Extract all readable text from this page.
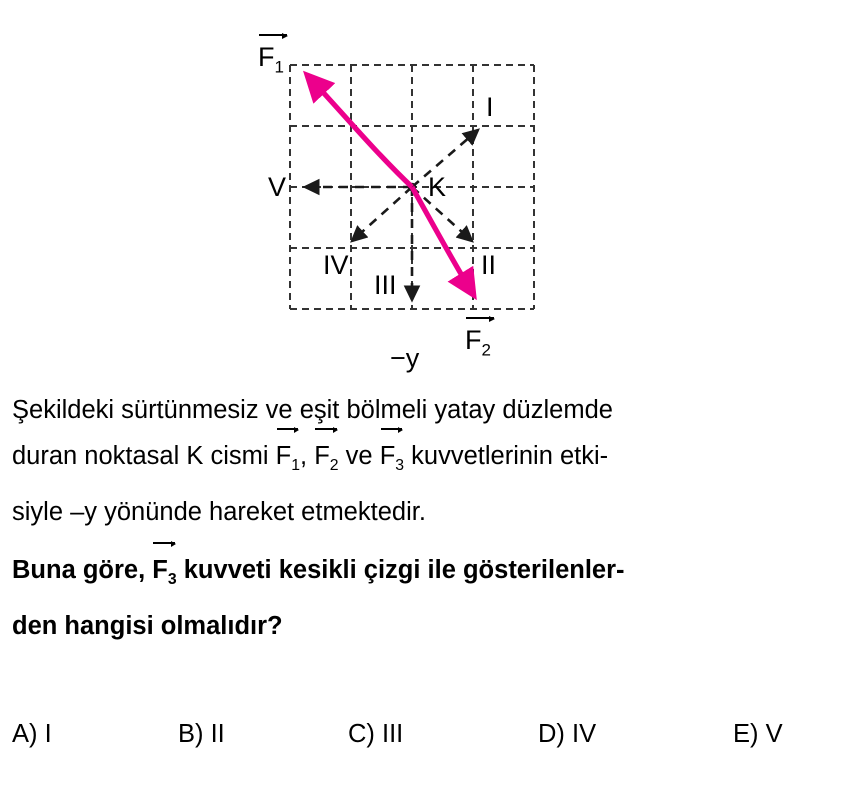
$F_1$
$F_2$
I
II
III
IV
V	K
−y
Şekildeki sürtünmesiz ve eşit bölmeli yatay düzlemde
duran noktasal K cismi $F_1$, $F_2$ ve $F_3$ kuvvetlerinin etki-
siyle –y yönünde hareket etmektedir.
Buna göre, $F_3$ kuvveti kesikli çizgi ile gösterilenler-
den hangisi olmalıdır?
A) I	B) II	C) III	D) IV	E) V
